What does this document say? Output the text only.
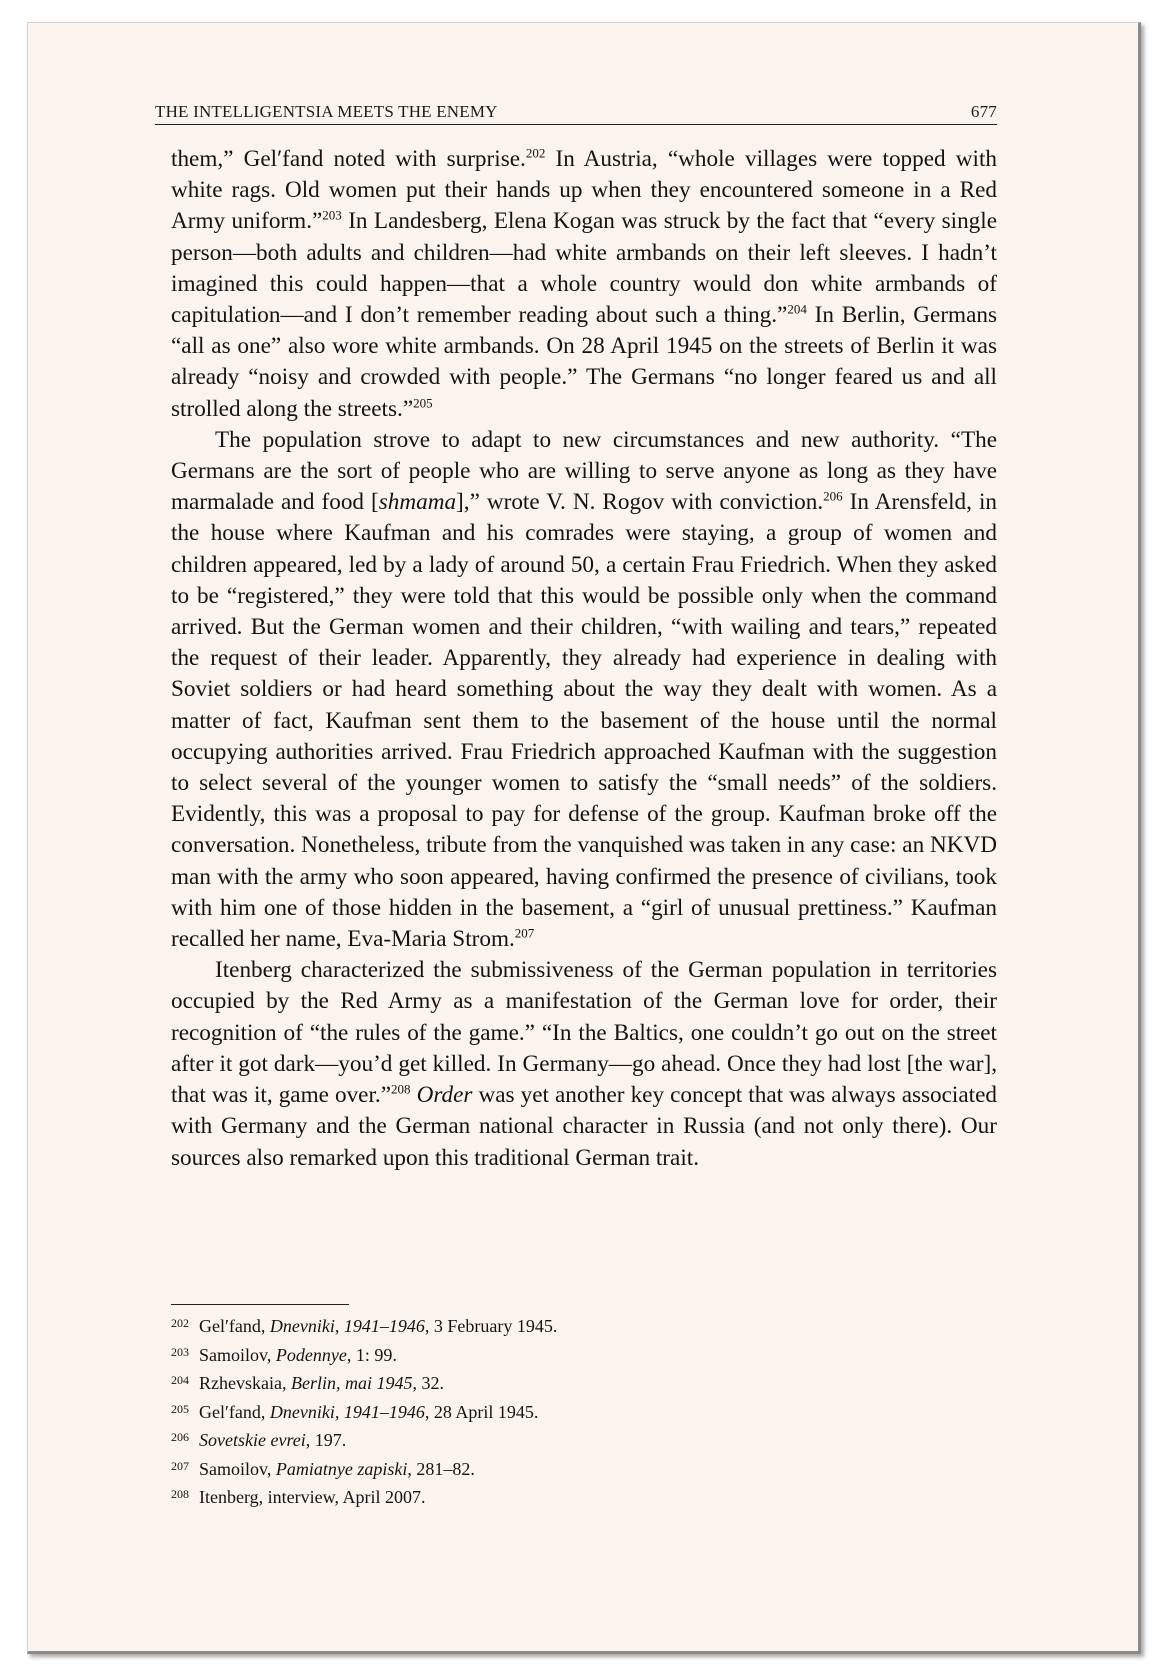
THE INTELLIGENTSIA MEETS THE ENEMY	677

them,” Gel′fand noted with surprise.$^{202}$ In Austria, “whole villages were topped with white rags. Old women put their hands up when they encountered someone in a Red Army uniform.”$^{203}$ In Landesberg, Elena Kogan was struck by the fact that “every single person—both adults and children—had white armbands on their left sleeves. I hadn’t imagined this could happen—that a whole country would don white armbands of capitulation—and I don’t remember reading about such a thing.”$^{204}$ In Berlin, Germans “all as one” also wore white armbands. On 28 April 1945 on the streets of Berlin it was already “noisy and crowded with people.” The Germans “no longer feared us and all strolled along the streets.”$^{205}$

The population strove to adapt to new circumstances and new authority. “The Germans are the sort of people who are willing to serve anyone as long as they have marmalade and food [shmama],” wrote V. N. Rogov with conviction.$^{206}$ In Arensfeld, in the house where Kaufman and his comrades were staying, a group of women and children appeared, led by a lady of around 50, a certain Frau Friedrich. When they asked to be “registered,” they were told that this would be possible only when the command arrived. But the German women and their children, “with wailing and tears,” repeated the request of their leader. Apparently, they already had experience in dealing with Soviet soldiers or had heard something about the way they dealt with women. As a matter of fact, Kaufman sent them to the basement of the house until the normal occupying authorities arrived. Frau Friedrich approached Kaufman with the suggestion to select several of the younger women to satisfy the “small needs” of the soldiers. Evidently, this was a proposal to pay for defense of the group. Kaufman broke off the conversation. Nonetheless, tribute from the vanquished was taken in any case: an NKVD man with the army who soon appeared, having confirmed the presence of civilians, took with him one of those hidden in the basement, a “girl of unusual prettiness.” Kaufman recalled her name, Eva-Maria Strom.$^{207}$

Itenberg characterized the submissiveness of the German population in territories occupied by the Red Army as a manifestation of the German love for order, their recognition of “the rules of the game.” “In the Baltics, one couldn’t go out on the street after it got dark—you’d get killed. In Germany—go ahead. Once they had lost [the war], that was it, game over.”$^{208}$ Order was yet another key concept that was always associated with Germany and the German national character in Russia (and not only there). Our sources also remarked upon this traditional German trait.

202 Gel′fand, Dnevniki, 1941–1946, 3 February 1945.
203 Samoilov, Podennye, 1: 99.
204 Rzhevskaia, Berlin, mai 1945, 32.
205 Gel′fand, Dnevniki, 1941–1946, 28 April 1945.
206 Sovetskie evrei, 197.
207 Samoilov, Pamiatnye zapiski, 281–82.
208 Itenberg, interview, April 2007.
